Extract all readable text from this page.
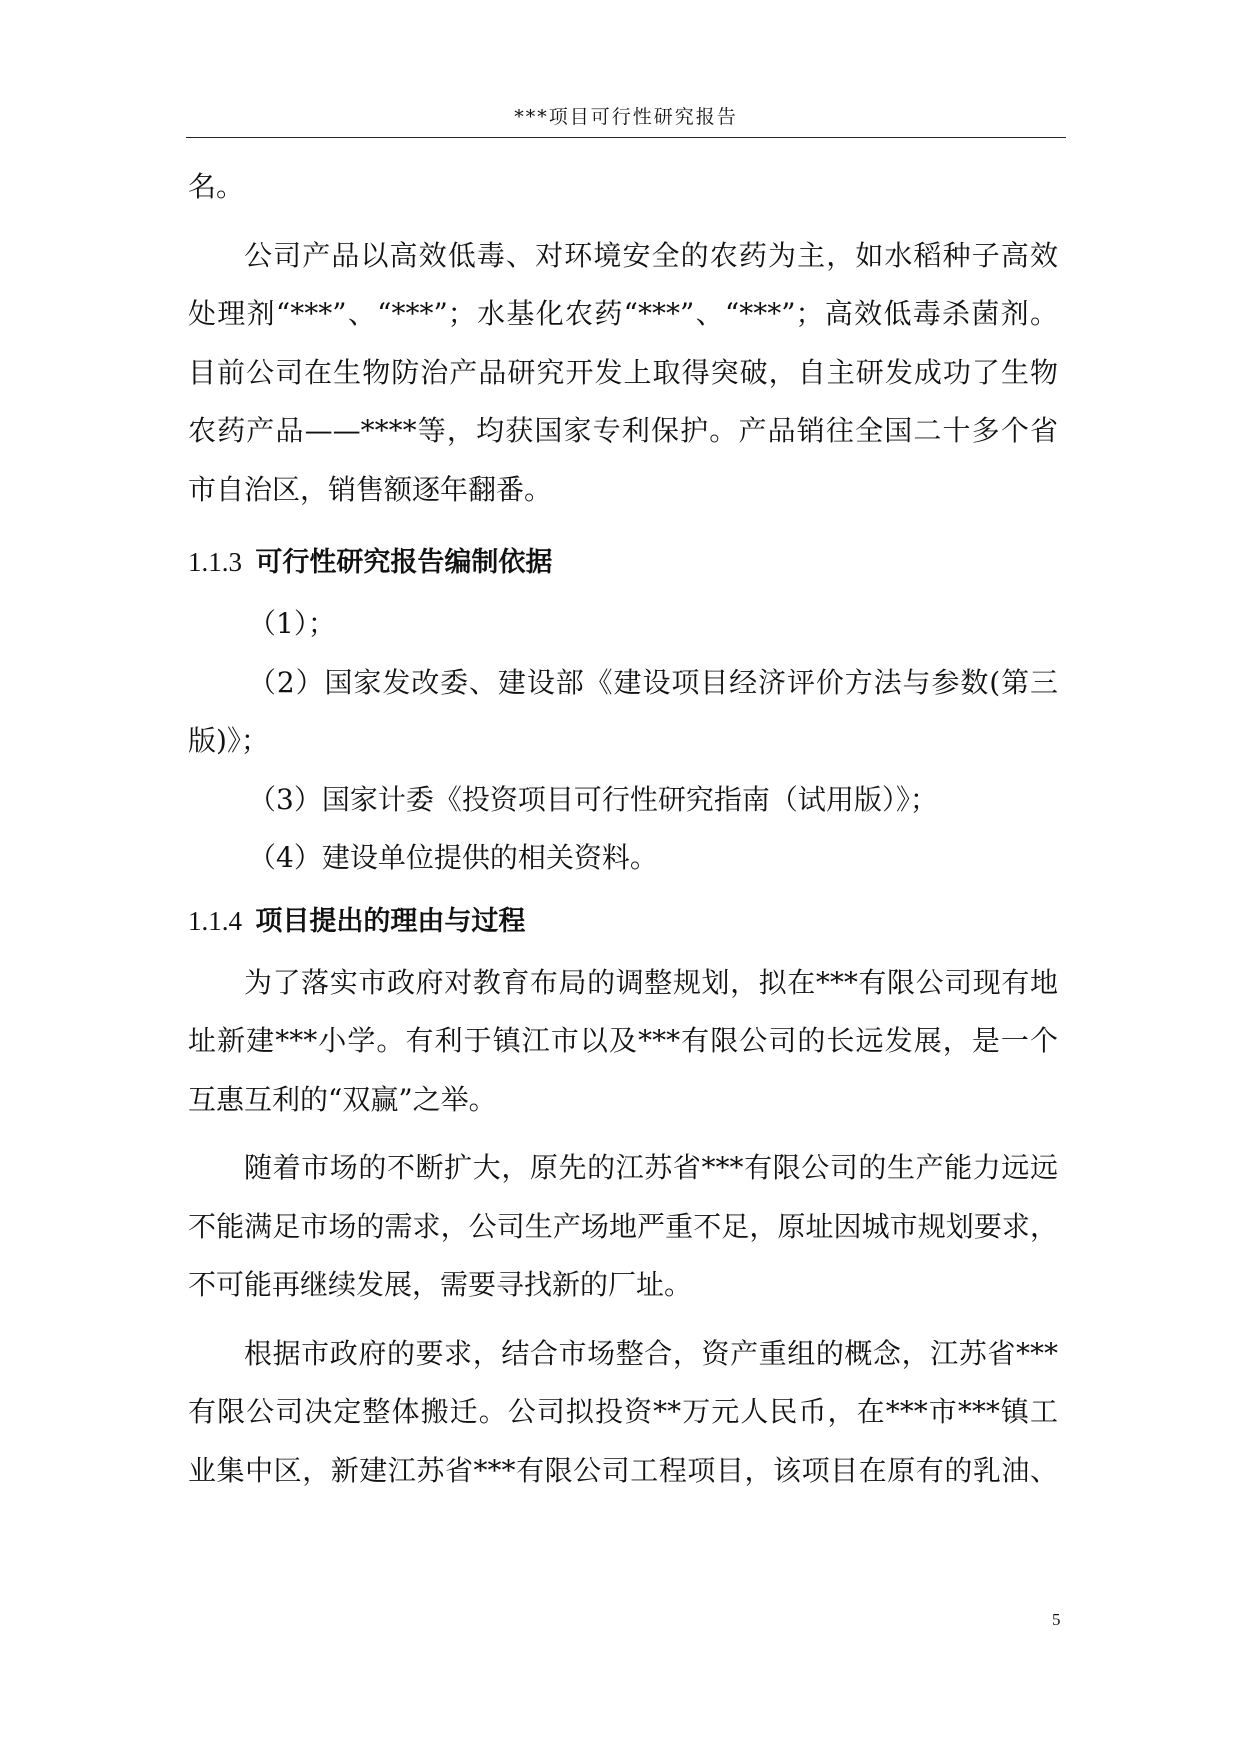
***项目可行性研究报告
名。
公司产品以高效低毒、对环境安全的农药为主，如水稻种子高效
处理剂“***”、“***”；水基化农药“***”、“***”；高效低毒杀菌剂。
目前公司在生物防治产品研究开发上取得突破，自主研发成功了生物
农药产品——****等，均获国家专利保护。产品销往全国二十多个省
市自治区，销售额逐年翻番。
1.1.3 可行性研究报告编制依据
（1）；
（2）国家发改委、建设部《建设项目经济评价方法与参数(第三
版)》；
（3）国家计委《投资项目可行性研究指南（试用版）》；
（4）建设单位提供的相关资料。
1.1.4 项目提出的理由与过程
为了落实市政府对教育布局的调整规划，拟在***有限公司现有地
址新建***小学。有利于镇江市以及***有限公司的长远发展，是一个
互惠互利的“双赢”之举。
随着市场的不断扩大，原先的江苏省***有限公司的生产能力远远
不能满足市场的需求，公司生产场地严重不足，原址因城市规划要求，
不可能再继续发展，需要寻找新的厂址。
根据市政府的要求，结合市场整合，资产重组的概念，江苏省***
有限公司决定整体搬迁。公司拟投资**万元人民币，在***市***镇工
业集中区，新建江苏省***有限公司工程项目，该项目在原有的乳油、
5
